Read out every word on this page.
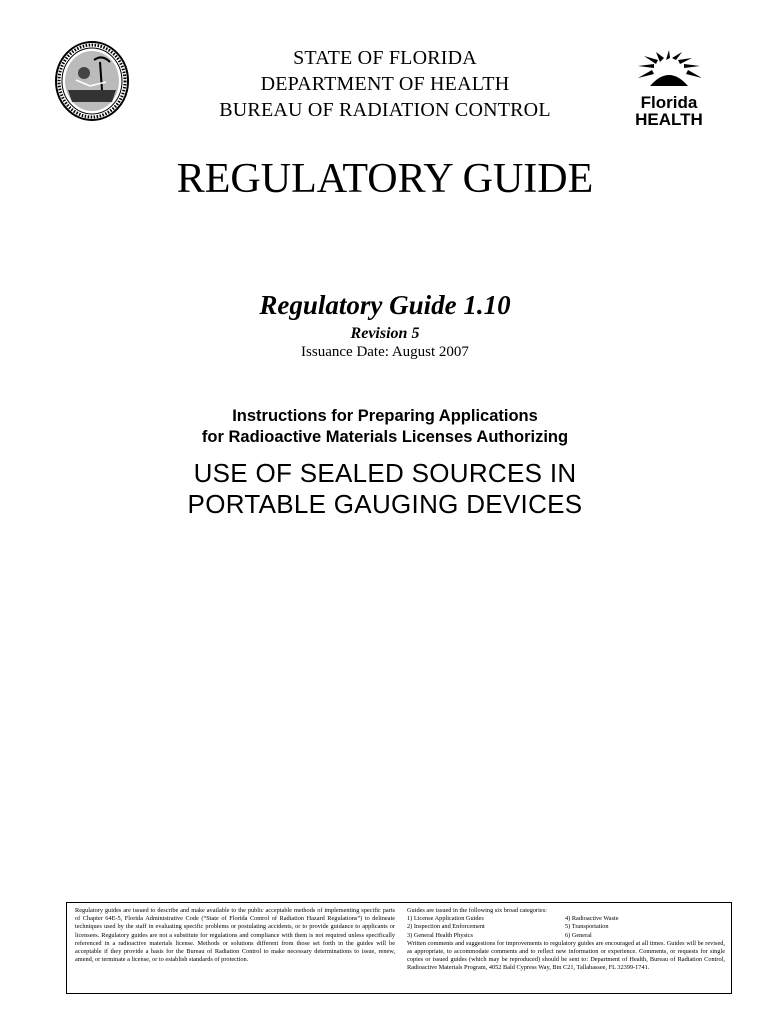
Florida
HEALTH
STATE OF FLORIDA
DEPARTMENT OF HEALTH
BUREAU OF RADIATION CONTROL
REGULATORY GUIDE
Regulatory Guide 1.10
Revision 5
Issuance Date: August 2007
Instructions for Preparing Applications
for Radioactive Materials Licenses Authorizing
USE OF SEALED SOURCES IN
PORTABLE GAUGING DEVICES
Regulatory guides are issued to describe and make available to the public acceptable methods of implementing specific parts of Chapter 64E-5, Florida Administrative Code (“State of Florida Control of Radiation Hazard Regulations”) to delineate techniques used by the staff in evaluating specific problems or postulating accidents, or to provide guidance to applicants or licensees. Regulatory guides are not a substitute for regulations and compliance with them is not required unless specifically referenced in a radioactive materials license. Methods or solutions different from those set forth in the guides will be acceptable if they provide a basis for the Bureau of Radiation Control to make necessary determinations to issue, renew, amend, or terminate a license, or to establish standards of protection.
Guides are issued in the following six broad categories:
1) License Application Guides	4) Radioactive Waste
2) Inspection and Enforcement	5) Transportation
3) General Health Physics	6) General
Written comments and suggestions for improvements to regulatory guides are encouraged at all times. Guides will be revised, as appropriate, to accommodate comments and to reflect new information or experience. Comments, or requests for single copies or issued guides (which may be reproduced) should be sent to: Department of Health, Bureau of Radiation Control, Radioactive Materials Program, 4052 Bald Cypress Way, Bin C21, Tallahassee, FL 32399-1741.
